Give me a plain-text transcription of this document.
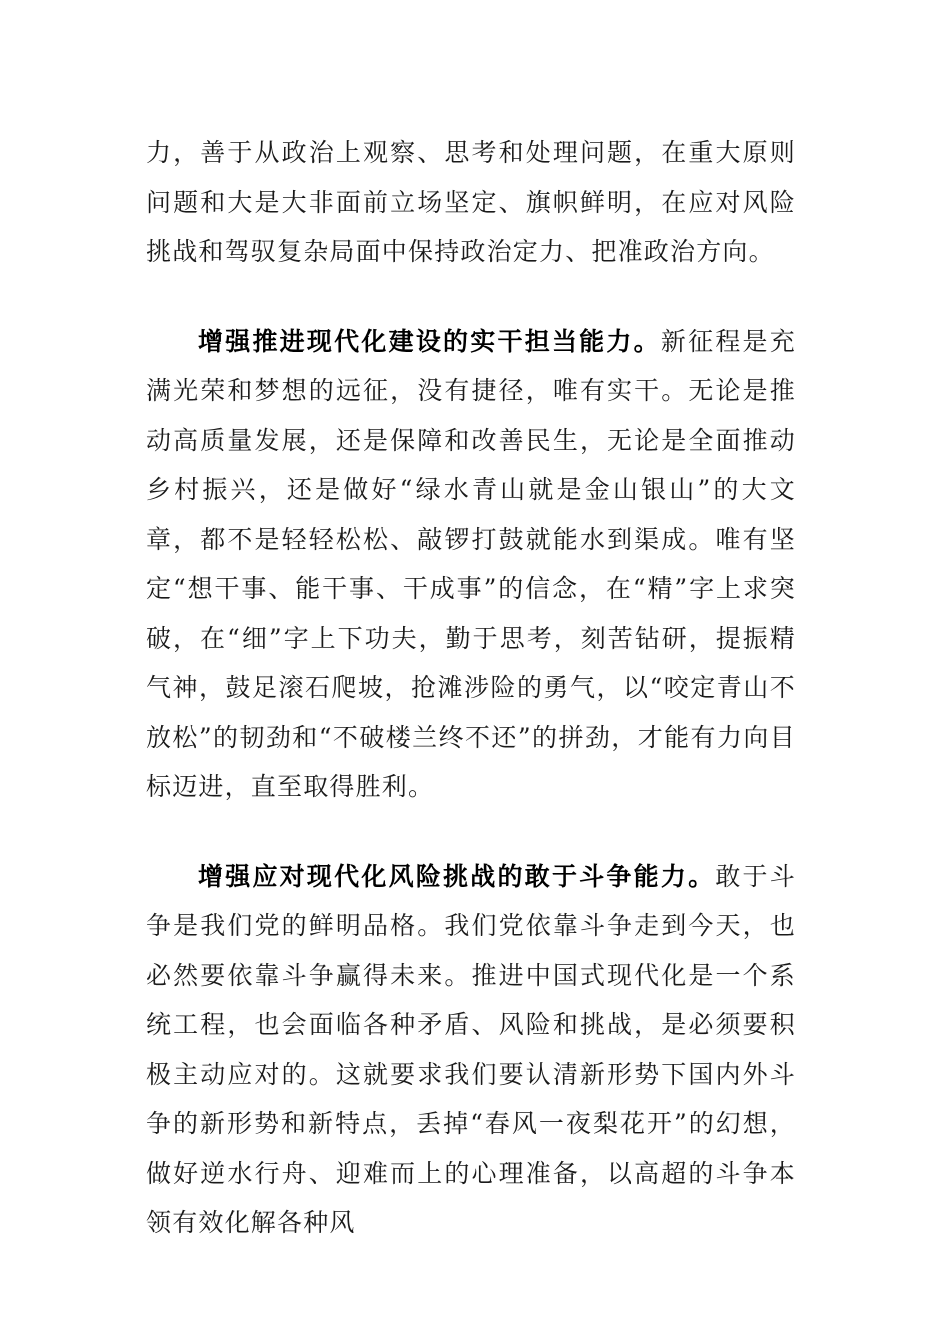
力，善于从政治上观察、思考和处理问题，在重大原则问题和大是大非面前立场坚定、旗帜鲜明，在应对风险挑战和驾驭复杂局面中保持政治定力、把准政治方向。

增强推进现代化建设的实干担当能力。新征程是充满光荣和梦想的远征，没有捷径，唯有实干。无论是推动高质量发展，还是保障和改善民生，无论是全面推动乡村振兴，还是做好“绿水青山就是金山银山”的大文章，都不是轻轻松松、敲锣打鼓就能水到渠成。唯有坚定“想干事、能干事、干成事”的信念，在“精”字上求突破，在“细”字上下功夫，勤于思考，刻苦钻研，提振精气神，鼓足滚石爬坡，抢滩涉险的勇气，以“咬定青山不放松”的韧劲和“不破楼兰终不还”的拼劲，才能有力向目标迈进，直至取得胜利。

增强应对现代化风险挑战的敢于斗争能力。敢于斗争是我们党的鲜明品格。我们党依靠斗争走到今天，也必然要依靠斗争赢得未来。推进中国式现代化是一个系统工程，也会面临各种矛盾、风险和挑战，是必须要积极主动应对的。这就要求我们要认清新形势下国内外斗争的新形势和新特点，丢掉“春风一夜梨花开”的幻想，做好逆水行舟、迎难而上的心理准备，以高超的斗争本领有效化解各种风
